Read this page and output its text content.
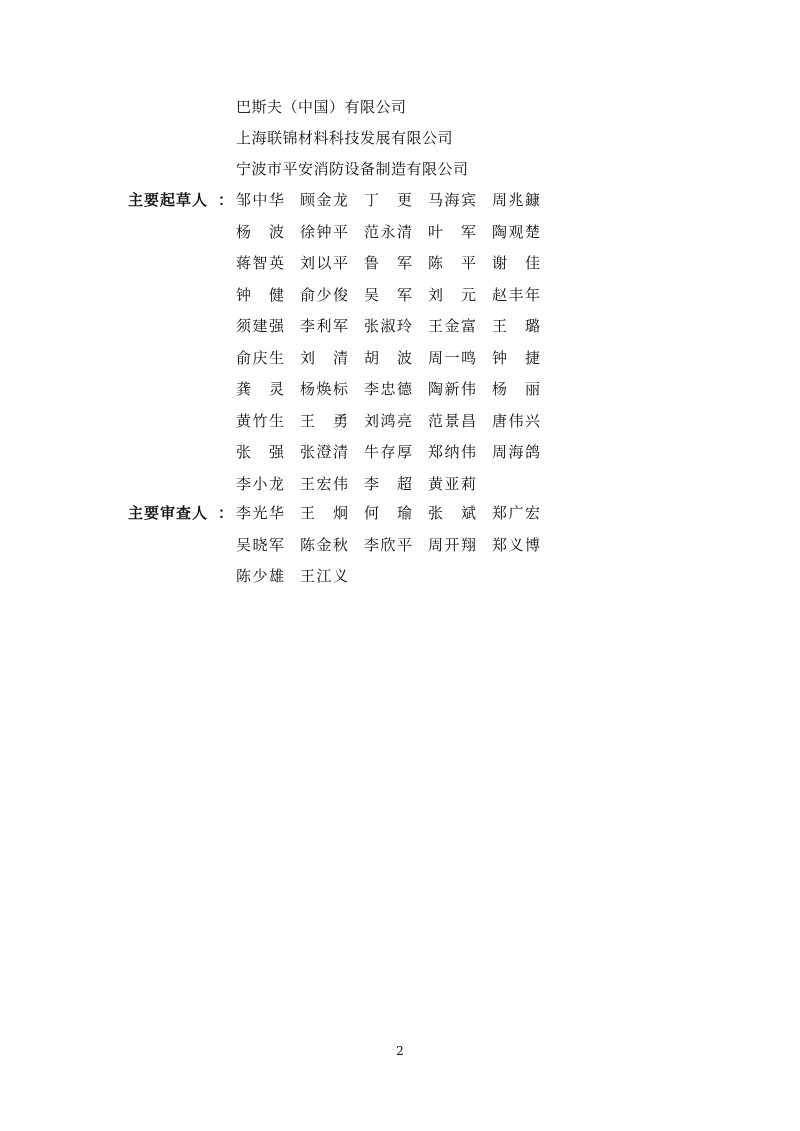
巴斯夫（中国）有限公司
上海联锦材料科技发展有限公司
宁波市平安消防设备制造有限公司
主要起草人 ： 邹中华 顾金龙 丁　更 马海宾 周兆鏮
杨　波 徐钟平 范永清 叶　军 陶观楚
蒋智英 刘以平 鲁　军 陈　平 谢　佳
钟　健 俞少俊 吴　军 刘　元 赵丰年
须建强 李利军 张淑玲 王金富 王　璐
俞庆生 刘　清 胡　波 周一鸣 钟　捷
龚　灵 杨焕标 李忠德 陶新伟 杨　丽
黄竹生 王　勇 刘鸿亮 范景昌 唐伟兴
张　强 张澄清 牛存厚 郑纳伟 周海鸽
李小龙 王宏伟 李　超 黄亚莉
主要审查人 ： 李光华 王　炯 何　瑜 张　斌 郑广宏
吴晓军 陈金秋 李欣平 周开翔 郑义博
陈少雄 王江义
2
